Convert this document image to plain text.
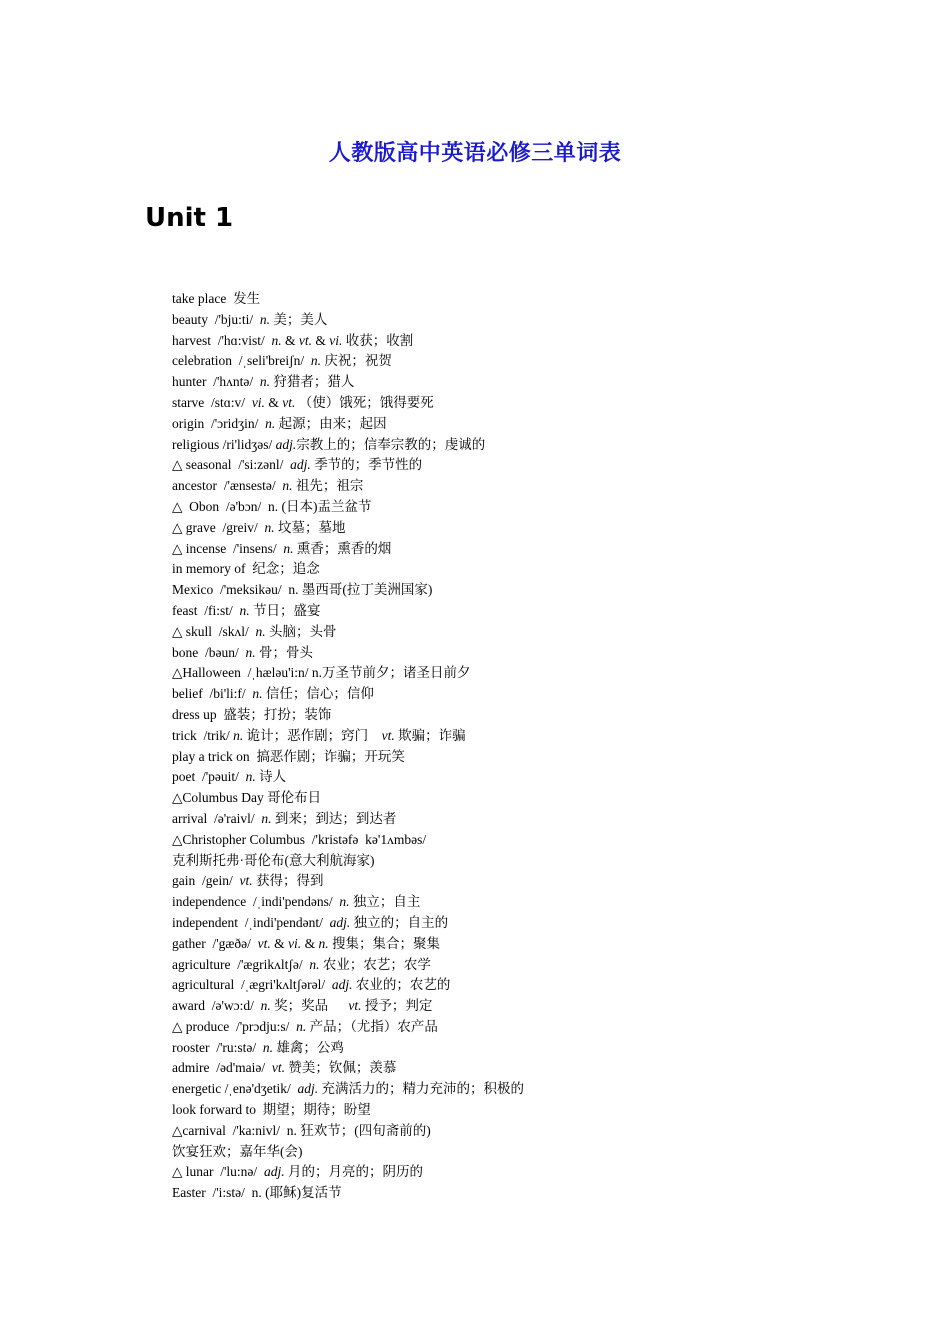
人教版高中英语必修三单词表
Unit 1
take place  发生
beauty  /'bju:ti/  n. 美；美人
harvest  /'hɑ:vist/  n. & vt. & vi. 收获；收割
celebration  /ˌseli'breiʃn/  n. 庆祝；祝贺
hunter  /'hʌntə/  n. 狩猎者；猎人
starve  /stɑ:v/  vi. & vt. （使）饿死；饿得要死
origin  /'ɔridʒin/  n. 起源；由来；起因
religious /ri'lidʒəs/ adj.宗教上的；信奉宗教的；虔诚的
△ seasonal  /'si:zənl/  adj. 季节的；季节性的
ancestor  /'ænsestə/  n. 祖先；祖宗
△  Obon  /ə'bɔn/  n. (日本)盂兰盆节
△ grave  /greiv/  n. 坟墓；墓地
△ incense  /'insens/  n. 熏香；熏香的烟
in memory of  纪念；追念
Mexico  /'meksikəu/  n. 墨西哥(拉丁美洲国家)
feast  /fi:st/  n. 节日；盛宴
△ skull  /skʌl/  n. 头脑；头骨
bone  /bəun/  n. 骨；骨头
△Halloween  /ˌhæləu'i:n/ n.万圣节前夕；诸圣日前夕
belief  /bi'li:f/  n. 信任；信心；信仰
dress up  盛装；打扮；装饰
trick  /trik/ n. 诡计；恶作剧；窍门    vt. 欺骗；诈骗
play a trick on  搞恶作剧；诈骗；开玩笑
poet  /'pəuit/  n. 诗人
△Columbus Day 哥伦布日
arrival  /ə'raivl/  n. 到来；到达；到达者
△Christopher Columbus  /'kristəfə  kə'1ʌmbəs/
克利斯托弗·哥伦布(意大利航海家)
gain  /gein/  vt. 获得；得到
independence  /ˌindi'pendəns/  n. 独立；自主
independent  /ˌindi'pendənt/  adj. 独立的；自主的
gather  /'gæðə/  vt. & vi. & n. 搜集；集合；聚集
agriculture  /'ægrikʌltʃə/  n. 农业；农艺；农学
agricultural  /ˌægri'kʌltʃərəl/  adj. 农业的；农艺的
award  /ə'wɔ:d/  n. 奖；奖品      vt. 授予；判定
△ produce  /'prɔdju:s/  n. 产品；（尤指）农产品
rooster  /'ru:stə/  n. 雄禽；公鸡
admire  /əd'maiə/  vt. 赞美；钦佩；羡慕
energetic /ˌenə'dʒetik/  adj. 充满活力的；精力充沛的；积极的
look forward to  期望；期待；盼望
△carnival  /'ka:nivl/  n. 狂欢节；(四旬斋前的)
饮宴狂欢；嘉年华(会)
△ lunar  /'lu:nə/  adj. 月的；月亮的；阴历的
Easter  /'i:stə/  n. (耶稣)复活节
